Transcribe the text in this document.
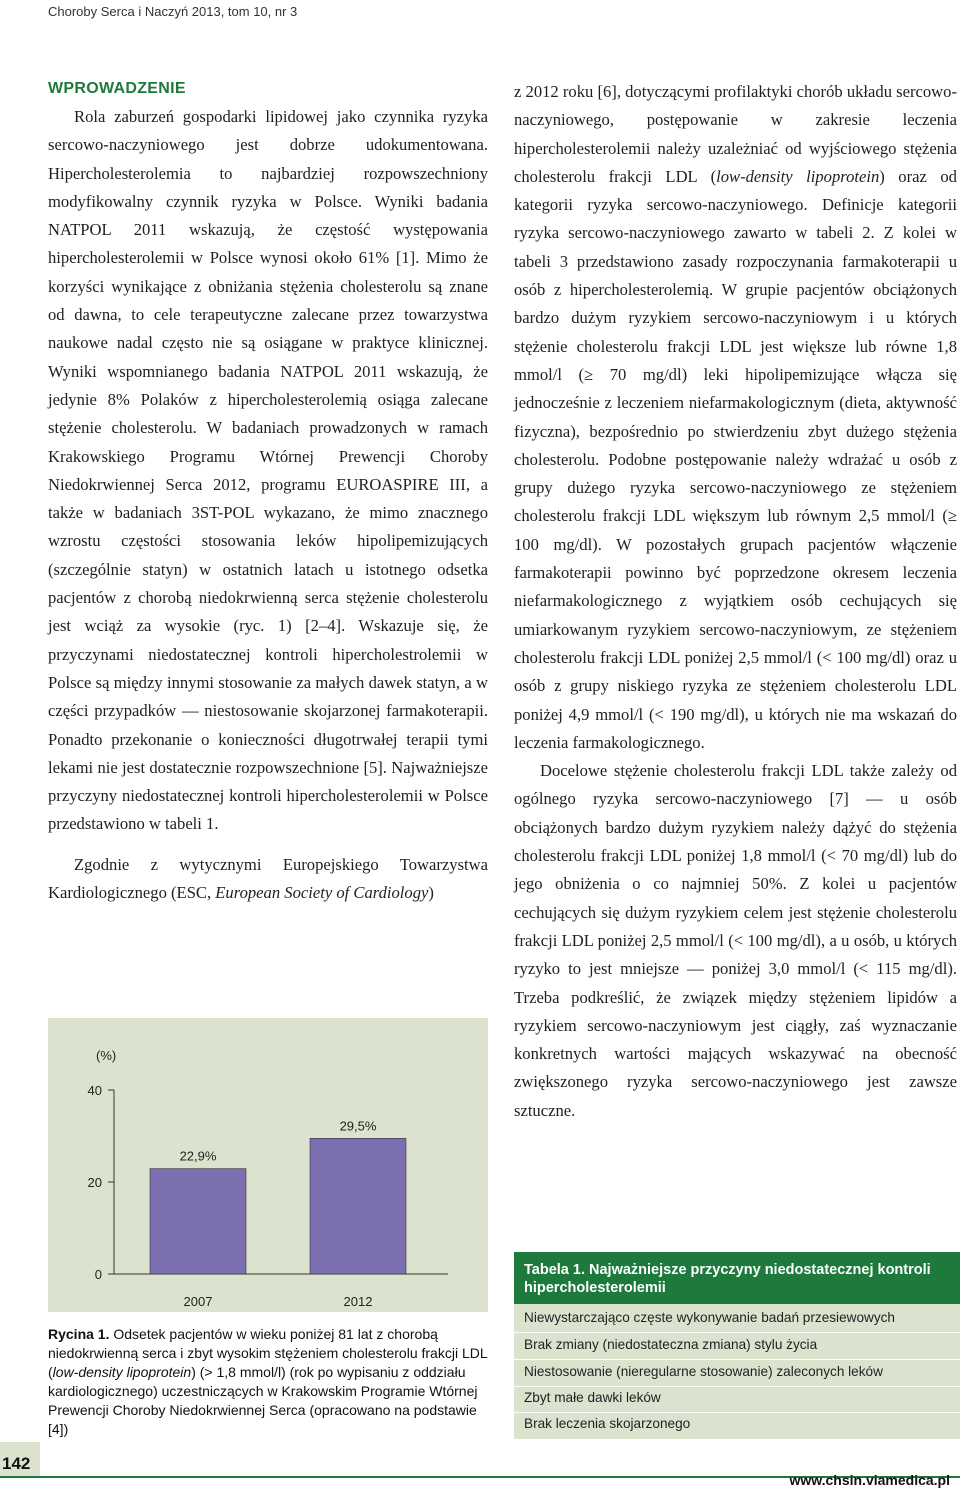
Choroby Serca i Naczyń 2013, tom 10, nr 3
WPROWADZENIE

Rola zaburzeń gospodarki lipidowej jako czynnika ryzyka sercowo-naczyniowego jest dobrze udokumentowana. Hipercholesterolemia to najbardziej rozpowszechniony modyfikowalny czynnik ryzyka w Polsce. Wyniki badania NATPOL 2011 wskazują, że częstość występowania hipercholesterolemii w Polsce wynosi około 61% [1]. Mimo że korzyści wynikające z obniżania stężenia cholesterolu są znane od dawna, to cele terapeutyczne zalecane przez towarzystwa naukowe nadal często nie są osiągane w praktyce klinicznej. Wyniki wspomnianego badania NATPOL 2011 wskazują, że jedynie 8% Polaków z hipercholesterolemią osiąga zalecane stężenie cholesterolu. W badaniach prowadzonych w ramach Krakowskiego Programu Wtórnej Prewencji Choroby Niedokrwiennej Serca 2012, programu EUROASPIRE III, a także w badaniach 3ST-POL wykazano, że mimo znacznego wzrostu częstości stosowania leków hipolipemizujących (szczególnie statyn) w ostatnich latach u istotnego odsetka pacjentów z chorobą niedokrwienną serca stężenie cholesterolu jest wciąż za wysokie (ryc. 1) [2–4]. Wskazuje się, że przyczynami niedostatecznej kontroli hipercholestrolemii w Polsce są między innymi stosowanie za małych dawek statyn, a w części przypadków — niestosowanie skojarzonej farmakoterapii. Ponadto przekonanie o konieczności długotrwałej terapii tymi lekami nie jest dostatecznie rozpowszechnione [5]. Najważniejsze przyczyny niedostatecznej kontroli hipercholesterolemii w Polsce przedstawiono w tabeli 1.

Zgodnie z wytycznymi Europejskiego Towarzystwa Kardiologicznego (ESC, European Society of Cardiology)

z 2012 roku [6], dotyczącymi profilaktyki chorób układu sercowo-naczyniowego, postępowanie w zakresie leczenia hipercholesterolemii należy uzależniać od wyjściowego stężenia cholesterolu frakcji LDL (low-density lipoprotein) oraz od kategorii ryzyka sercowo-naczyniowego. Definicje kategorii ryzyka sercowo-naczyniowego zawarto w tabeli 2. Z kolei w tabeli 3 przedstawiono zasady rozpoczynania farmakoterapii u osób z hipercholesterolemią. W grupie pacjentów obciążonych bardzo dużym ryzykiem sercowo-naczyniowym i u których stężenie cholesterolu frakcji LDL jest większe lub równe 1,8 mmol/l (≥ 70 mg/dl) leki hipolipemizujące włącza się jednocześnie z leczeniem niefarmakologicznym (dieta, aktywność fizyczna), bezpośrednio po stwierdzeniu zbyt dużego stężenia cholesterolu. Podobne postępowanie należy wdrażać u osób z grupy dużego ryzyka sercowo-naczyniowego ze stężeniem cholesterolu frakcji LDL większym lub równym 2,5 mmol/l (≥ 100 mg/dl). W pozostałych grupach pacjentów włączenie farmakoterapii powinno być poprzedzone okresem leczenia niefarmakologicznego z wyjątkiem osób cechujących się umiarkowanym ryzykiem sercowo-naczyniowym, ze stężeniem cholesterolu frakcji LDL poniżej 2,5 mmol/l (< 100 mg/dl) oraz u osób z grupy niskiego ryzyka ze stężeniem cholesterolu LDL poniżej 4,9 mmol/l (< 190 mg/dl), u których nie ma wskazań do leczenia farmakologicznego.

Docelowe stężenie cholesterolu frakcji LDL także zależy od ogólnego ryzyka sercowo-naczyniowego [7] — u osób obciążonych bardzo dużym ryzykiem należy dążyć do stężenia cholesterolu frakcji LDL poniżej 1,8 mmol/l (< 70 mg/dl) lub do jego obniżenia o co najmniej 50%. Z kolei u pacjentów cechujących się dużym ryzykiem celem jest stężenie cholesterolu frakcji LDL poniżej 2,5 mmol/l (< 100 mg/dl), a u osób, u których ryzyko to jest mniejsze — poniżej 3,0 mmol/l (< 115 mg/dl). Trzeba podkreślić, że związek między stężeniem lipidów a ryzykiem sercowo-naczyniowym jest ciągły, zaś wyznaczanie konkretnych wartości mających wskazywać na obecność zwiększonego ryzyka sercowo-naczyniowego jest zawsze sztuczne.

(%)
0
20
40
22,9%
2007
29,5%
2012
Rycina 1. Odsetek pacjentów w wieku poniżej 81 lat z chorobą niedokrwienną serca i zbyt wysokim stężeniem cholesterolu frakcji LDL (low-density lipoprotein) (> 1,8 mmol/l) (rok po wypisaniu z oddziału kardiologicznego) uczestniczących w Krakowskim Programie Wtórnej Prewencji Choroby Niedokrwiennej Serca (opracowano na podstawie [4])
Tabela 1. Najważniejsze przyczyny niedostatecznej kontroli hipercholesterolemii
Niewystarczająco częste wykonywanie badań przesiewowych
Brak zmiany (niedostateczna zmiana) stylu życia
Niestosowanie (nieregularne stosowanie) zaleconych leków
Zbyt małe dawki leków
Brak leczenia skojarzonego
142
www.chsin.viamedica.pl
